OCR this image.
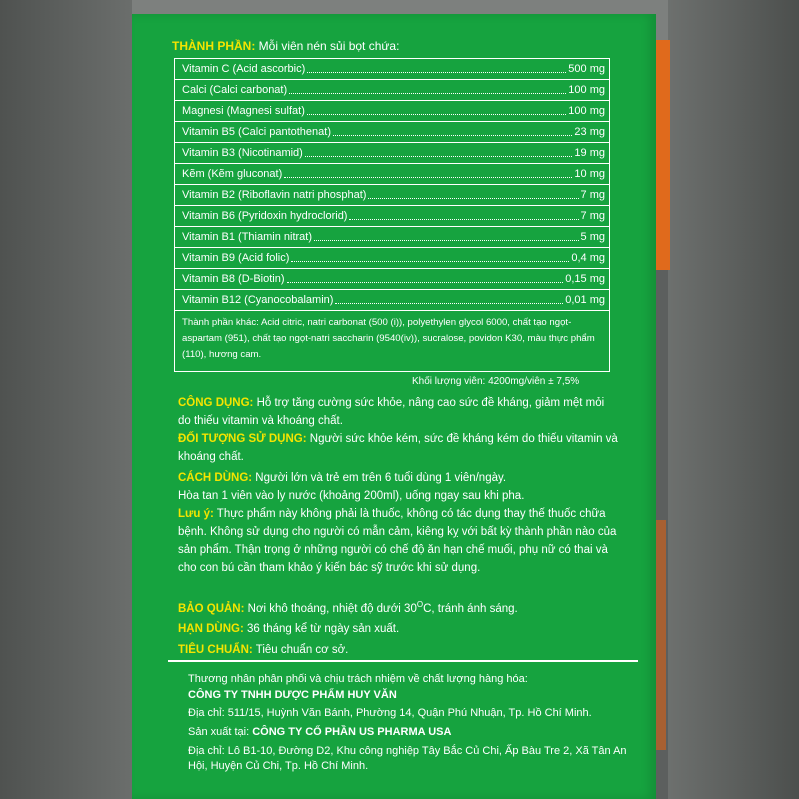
THÀNH PHẦN: Mỗi viên nén sủi bọt chứa:
Vitamin C (Acid ascorbic)	500 mg
Calci (Calci carbonat)	100 mg
Magnesi (Magnesi sulfat)	100 mg
Vitamin B5 (Calci pantothenat)	23 mg
Vitamin B3 (Nicotinamid)	19 mg
Kẽm (Kẽm gluconat)	10 mg
Vitamin B2 (Riboflavin natri phosphat)	7 mg
Vitamin B6 (Pyridoxin hydroclorid)	7 mg
Vitamin B1 (Thiamin nitrat)	5 mg
Vitamin B9 (Acid folic)	0,4 mg
Vitamin B8 (D-Biotin)	0,15 mg
Vitamin B12 (Cyanocobalamin)	0,01 mg
Thành phần khác: Acid citric, natri carbonat (500 (i)), polyethylen glycol 6000, chất tạo ngọt-aspartam (951), chất tạo ngọt-natri saccharin (9540(iv)), sucralose, povidon K30, màu thực phẩm (110), hương cam.
Khối lượng viên: 4200mg/viên ± 7,5%
CÔNG DỤNG: Hỗ trợ tăng cường sức khỏe, nâng cao sức đề kháng, giảm mệt mỏi do thiếu vitamin và khoáng chất.
ĐỐI TƯỢNG SỬ DỤNG: Người sức khỏe kém, sức đề kháng kém do thiếu vitamin và khoáng chất.
CÁCH DÙNG: Người lớn và trẻ em trên 6 tuổi dùng 1 viên/ngày.
Hòa tan 1 viên vào ly nước (khoảng 200ml), uống ngay sau khi pha.
Lưu ý: Thực phẩm này không phải là thuốc, không có tác dụng thay thế thuốc chữa bệnh. Không sử dụng cho người có mẫn cảm, kiêng kỵ với bất kỳ thành phần nào của sản phẩm. Thận trọng ở những người có chế độ ăn hạn chế muối, phụ nữ có thai và cho con bú cần tham khảo ý kiến bác sỹ trước khi sử dụng.
BẢO QUẢN: Nơi khô thoáng, nhiệt độ dưới $30^OC$, tránh ánh sáng.
HẠN DÙNG: 36 tháng kể từ ngày sản xuất.
TIÊU CHUẨN: Tiêu chuẩn cơ sở.
Thương nhân phân phối và chịu trách nhiệm về chất lượng hàng hóa:
CÔNG TY TNHH DƯỢC PHẨM HUY VĂN
Địa chỉ: 511/15, Huỳnh Văn Bánh, Phường 14, Quận Phú Nhuận, Tp. Hồ Chí Minh.
Sản xuất tại: CÔNG TY CỔ PHẦN US PHARMA USA
Địa chỉ: Lô B1-10, Đường D2, Khu công nghiệp Tây Bắc Củ Chi, Ấp Bàu Tre 2, Xã Tân An Hội, Huyện Củ Chi, Tp. Hồ Chí Minh.
